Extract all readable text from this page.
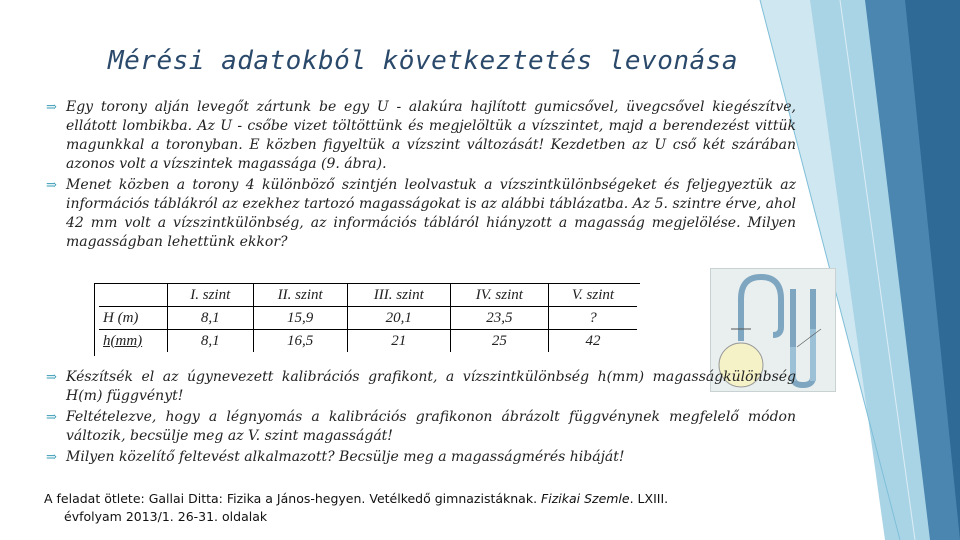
Mérési adatokból következtetés levonása

⇒ Egy torony alján levegőt zártunk be egy U - alakúra hajlított gumicsővel, üvegcsővel kiegészítve, ellátott lombikba. Az U - csőbe vizet töltöttünk és megjelöltük a vízszintet, majd a berendezést vittük magunkkal a toronyban. E közben figyeltük a vízszint változását! Kezdetben az U cső két szárában azonos volt a vízszintek magassága (9. ábra).

⇒ Menet közben a torony 4 különböző szintjén leolvastuk a vízszintkülönbségeket és feljegyeztük az információs táblákról az ezekhez tartozó magasságokat is az alábbi táblázatba. Az 5. szintre érve, ahol 42 mm volt a vízszintkülönbség, az információs tábláról hiányzott a magasság megjelölése. Milyen magasságban lehettünk ekkor?

	I. szint	II. szint	III. szint	IV. szint	V. szint
H (m)	8,1	15,9	20,1	23,5	?
h(mm)	8,1	16,5	21	25	42

⇒ Készítsék el az úgynevezett kalibrációs grafikont, a vízszintkülönbség h(mm) magasságkülönbség H(m) függvényt!

⇒ Feltételezve, hogy a légnyomás a kalibrációs grafikonon ábrázolt függvénynek megfelelő módon változik, becsülje meg az V. szint magasságát!

⇒ Milyen közelítő feltevést alkalmazott? Becsülje meg a magasságmérés hibáját!

A feladat ötlete: Gallai Ditta: Fizika a János-hegyen. Vetélkedő gimnazistáknak. Fizikai Szemle. LXIII.
évfolyam 2013/1. 26-31. oldalak
